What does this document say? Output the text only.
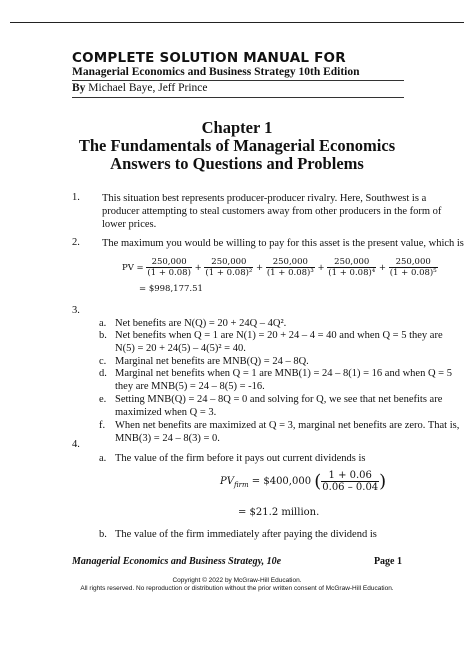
COMPLETE SOLUTION MANUAL FOR
Managerial Economics and Business Strategy 10th Edition
By Michael Baye, Jeff Prince
Chapter 1
The Fundamentals of Managerial Economics
Answers to Questions and Problems
1. This situation best represents producer-producer rivalry. Here, Southwest is a
producer attempting to steal customers away from other producers in the form of
lower prices.
2. The maximum you would be willing to pay for this asset is the present value, which is
PV = $\frac{250,000}{(1 + 0.08)} + \frac{250,000}{\text{(1 + 0.08)²}} + \frac{250,000}{\text{(1 + 0.08)³}} + \frac{250,000}{\text{(1 + 0.08)⁴}} + \frac{250,000}{\text{(1 + 0.08)⁵}}$
= $998,177.51
3.
a. Net benefits are N(Q) = 20 + 24Q – 4Q².
b. Net benefits when Q = 1 are N(1) = 20 + 24 – 4 = 40 and when Q = 5 they are
N(5) = 20 + 24(5) – 4(5)² = 40.
c. Marginal net benefits are MNB(Q) = 24 – 8Q.
d. Marginal net benefits when Q = 1 are MNB(1) = 24 – 8(1) = 16 and when Q = 5
they are MNB(5) = 24 – 8(5) = -16.
e. Setting MNB(Q) = 24 – 8Q = 0 and solving for Q, we see that net benefits are
maximized when Q = 3.
f. When net benefits are maximized at Q = 3, marginal net benefits are zero. That is,
MNB(3) = 24 – 8(3) = 0.
4.
a. The value of the firm before it pays out current dividends is
$PV_{firm}$ = $400,000 ( $\frac{1 + 0.06}{0.06 - 0.04}$ )
= $21.2 million.
b. The value of the firm immediately after paying the dividend is
Managerial Economics and Business Strategy, 10e	Page 1
Copyright © 2022 by McGraw-Hill Education.
All rights reserved. No reproduction or distribution without the prior written consent of McGraw-Hill Education.
